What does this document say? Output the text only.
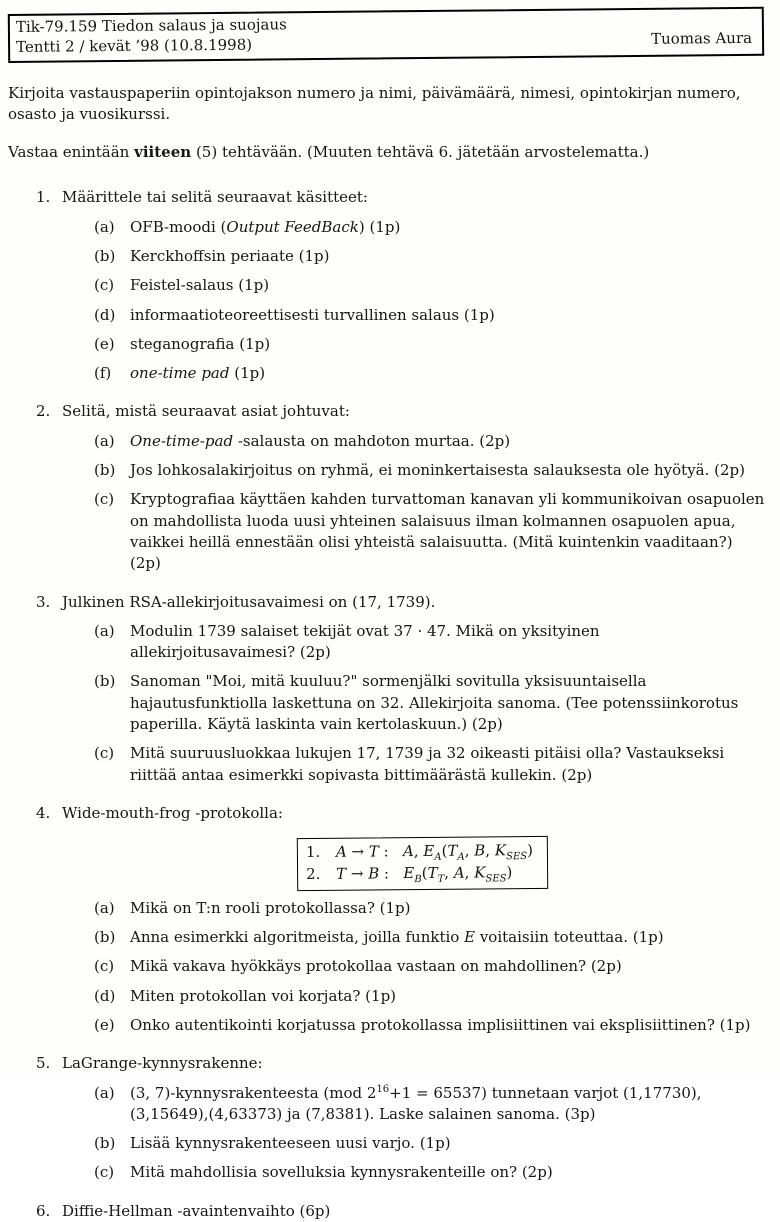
Tik-79.159 Tiedon salaus ja suojaus
Tentti 2 / kevät ’98 (10.8.1998)	Tuomas Aura

Kirjoita vastauspaperiin opintojakson numero ja nimi, päivämäärä, nimesi, opintokirjan numero, osasto ja vuosikurssi.

Vastaa enintään viiteen (5) tehtävään. (Muuten tehtävä 6. jätetään arvostelematta.)

1. Määrittele tai selitä seuraavat käsitteet:
(a)	OFB-moodi (Output FeedBack) (1p)
(b) Kerckhoffsin periaate (1p)
(c)	Feistel-salaus (1p)
(d) informaatioteoreettisesti turvallinen salaus (1p)
(e)	steganografia (1p)
(f)	one-time pad (1p)
2. Selitä, mistä seuraavat asiat johtuvat:
(a)	One-time-pad -salausta on mahdoton murtaa. (2p)
(b) Jos lohkosalakirjoitus on ryhmä, ei moninkertaisesta salauksesta ole hyötyä. (2p)
(c)	Kryptografiaa käyttäen kahden turvattoman kanavan yli kommunikoivan osapuolen on mahdollista luoda uusi yhteinen salaisuus ilman kolmannen osapuolen apua, vaikkei heillä ennestään olisi yhteistä salaisuutta. (Mitä kuintenkin vaaditaan?) (2p)
3. Julkinen RSA-allekirjoitusavaimesi on (17, 1739).
(a)	Modulin 1739 salaiset tekijät ovat 37 · 47. Mikä on yksityinen allekirjoitusavaimesi? (2p)
(b) Sanoman "Moi, mitä kuuluu?" sormenjälki sovitulla yksisuuntaisella hajautusfunktiolla laskettuna on 32. Allekirjoita sanoma. (Tee potenssiinkorotus paperilla. Käytä laskinta vain kertolaskuun.) (2p)
(c)	Mitä suuruusluokkaa lukujen 17, 1739 ja 32 oikeasti pitäisi olla? Vastaukseksi riittää antaa esimerkki sopivasta bittimäärästä kullekin. (2p)
4. Wide-mouth-frog -protokolla:
1. A → T :   A, $E_A(T_A$, B, $K_{SES}$)
2. T → B :   $E_B(T_T$, A, $K_{SES}$)
(a)	Mikä on T:n rooli protokollassa? (1p)
(b) Anna esimerkki algoritmeista, joilla funktio E voitaisiin toteuttaa. (1p)
(c)	Mikä vakava hyökkäys protokollaa vastaan on mahdollinen? (2p)
(d) Miten protokollan voi korjata? (1p)
(e)	Onko autentikointi korjatussa protokollassa implisiittinen vai eksplisiittinen? (1p)
5. LaGrange-kynnysrakenne:
(a)	(3, 7)-kynnysrakenteesta (mod $2^{16}+1 = 65537$) tunnetaan varjot (1,17730),(3,15649),(4,63373) ja (7,8381). Laske salainen sanoma. (3p)
(b) Lisää kynnysrakenteeseen uusi varjo. (1p)
(c)	Mitä mahdollisia sovelluksia kynnysrakenteille on? (2p)
6. Diffie-Hellman -avaintenvaihto (6p)
